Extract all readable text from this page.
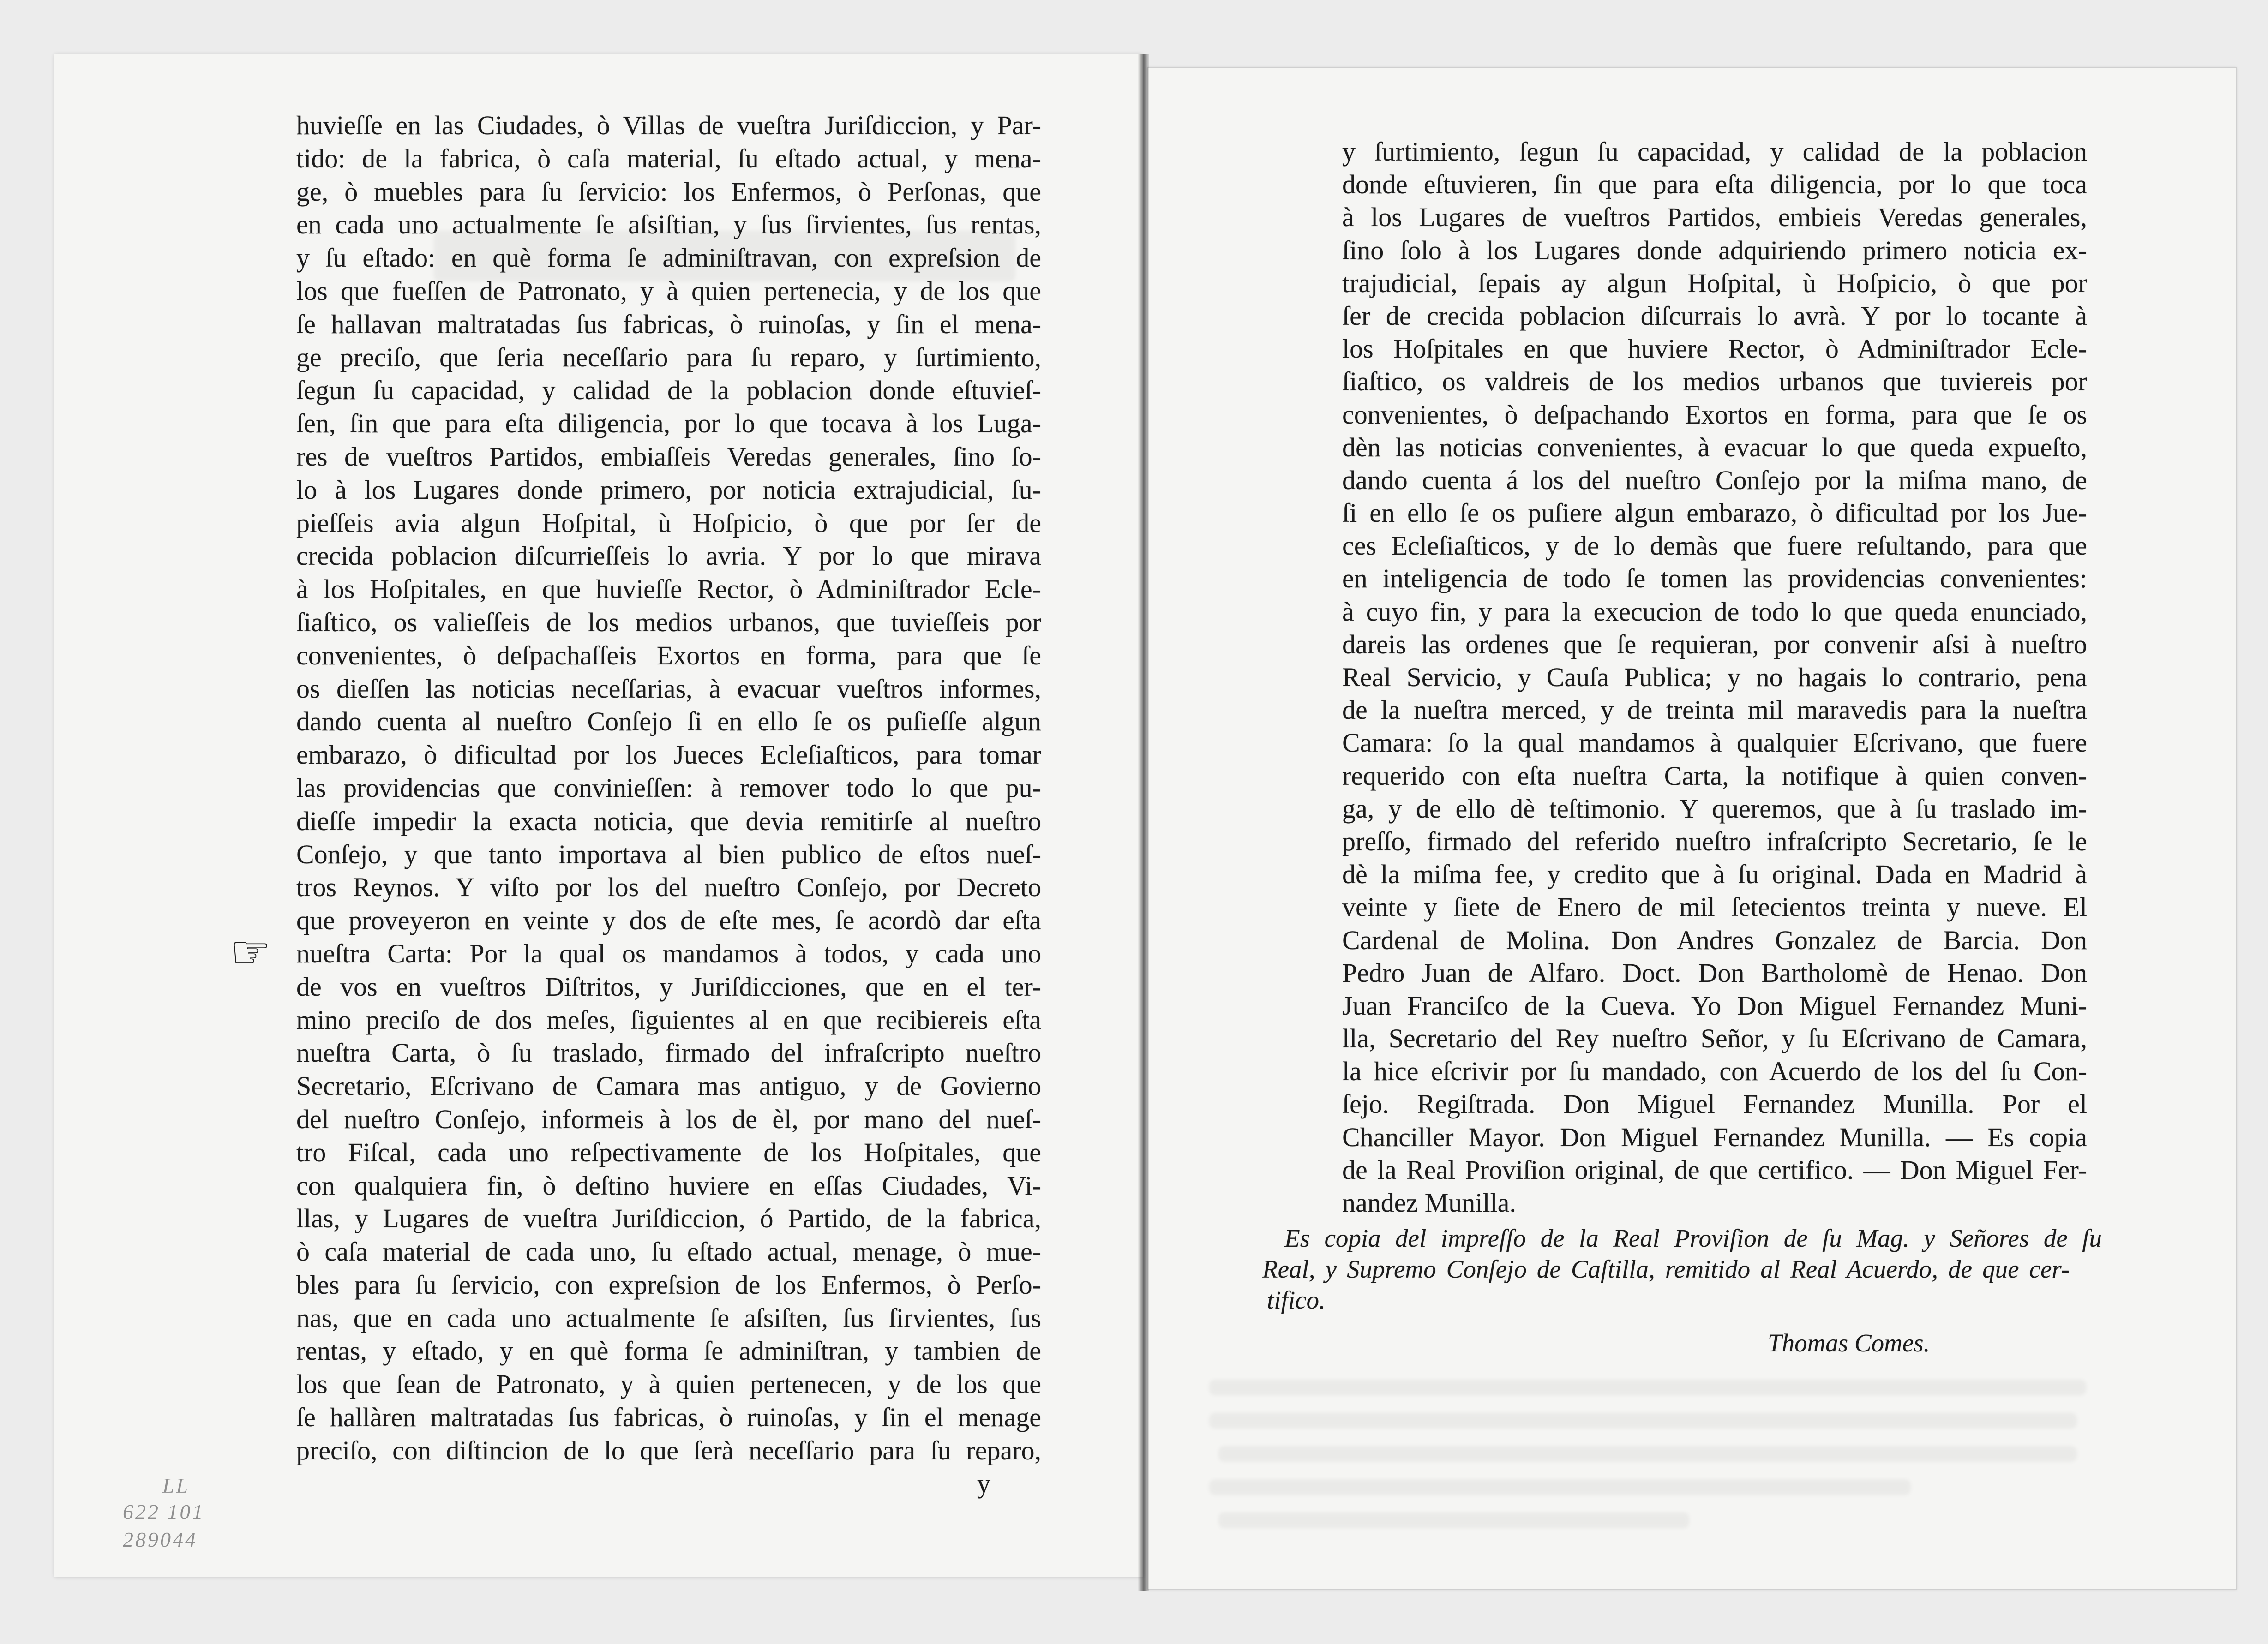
huvieſſe en las Ciudades, ò Villas de vueſtra Juriſdiccion, y Par-
tido: de la fabrica, ò caſa material, ſu eſtado actual, y mena-
ge, ò muebles para ſu ſervicio: los Enfermos, ò Perſonas, que
en cada uno actualmente ſe aſsiſtian, y ſus ſirvientes, ſus rentas,
y ſu eſtado: en què forma ſe adminiſtravan, con expreſsion de
los que fueſſen de Patronato, y à quien pertenecia, y de los que
ſe hallavan maltratadas ſus fabricas, ò ruinoſas, y ſin el mena-
ge preciſo, que ſeria neceſſario para ſu reparo, y ſurtimiento,
ſegun ſu capacidad, y calidad de la poblacion donde eſtuvieſ-
ſen, ſin que para eſta diligencia, por lo que tocava à los Luga-
res de vueſtros Partidos, embiaſſeis Veredas generales, ſino ſo-
lo à los Lugares donde primero, por noticia extrajudicial, ſu-
pieſſeis avia algun Hoſpital, ù Hoſpicio, ò que por ſer de
crecida poblacion diſcurrieſſeis lo avria. Y por lo que mirava
à los Hoſpitales, en que huvieſſe Rector, ò Adminiſtrador Ecle-
ſiaſtico, os valieſſeis de los medios urbanos, que tuvieſſeis por
convenientes, ò deſpachaſſeis Exortos en forma, para que ſe
os dieſſen las noticias neceſſarias, à evacuar vueſtros informes,
dando cuenta al nueſtro Conſejo ſi en ello ſe os puſieſſe algun
embarazo, ò dificultad por los Jueces Ecleſiaſticos, para tomar
las providencias que convinieſſen: à remover todo lo que pu-
dieſſe impedir la exacta noticia, que devia remitirſe al nueſtro
Conſejo, y que tanto importava al bien publico de eſtos nueſ-
tros Reynos. Y viſto por los del nueſtro Conſejo, por Decreto
que proveyeron en veinte y dos de eſte mes, ſe acordò dar eſta
nueſtra Carta: Por la qual os mandamos à todos, y cada uno
de vos en vueſtros Diſtritos, y Juriſdicciones, que en el ter-
mino preciſo de dos meſes, ſiguientes al en que recibiereis eſta
nueſtra Carta, ò ſu traslado, firmado del infraſcripto nueſtro
Secretario, Eſcrivano de Camara mas antiguo, y de Govierno
del nueſtro Conſejo, informeis à los de èl, por mano del nueſ-
tro Fiſcal, cada uno reſpectivamente de los Hoſpitales, que
con qualquiera fin, ò deſtino huviere en eſſas Ciudades, Vi-
llas, y Lugares de vueſtra Juriſdiccion, ó Partido, de la fabrica,
ò caſa material de cada uno, ſu eſtado actual, menage, ò mue-
bles para ſu ſervicio, con expreſsion de los Enfermos, ò Perſo-
nas, que en cada uno actualmente ſe aſsiſten, ſus ſirvientes, ſus
rentas, y eſtado, y en què forma ſe adminiſtran, y tambien de
los que ſean de Patronato, y à quien pertenecen, y de los que
ſe hallàren maltratadas ſus fabricas, ò ruinoſas, y ſin el menage
preciſo, con diſtincion de lo que ſerà neceſſario para ſu reparo,
y
☞
LL
622 101
289044
y ſurtimiento, ſegun ſu capacidad, y calidad de la poblacion
donde eſtuvieren, ſin que para eſta diligencia, por lo que toca
à los Lugares de vueſtros Partidos, embieis Veredas generales,
ſino ſolo à los Lugares donde adquiriendo primero noticia ex-
trajudicial, ſepais ay algun Hoſpital, ù Hoſpicio, ò que por
ſer de crecida poblacion diſcurrais lo avrà. Y por lo tocante à
los Hoſpitales en que huviere Rector, ò Adminiſtrador Ecle-
ſiaſtico, os valdreis de los medios urbanos que tuviereis por
convenientes, ò deſpachando Exortos en forma, para que ſe os
dèn las noticias convenientes, à evacuar lo que queda expueſto,
dando cuenta á los del nueſtro Conſejo por la miſma mano, de
ſi en ello ſe os puſiere algun embarazo, ò dificultad por los Jue-
ces Ecleſiaſticos, y de lo demàs que fuere reſultando, para que
en inteligencia de todo ſe tomen las providencias convenientes:
à cuyo fin, y para la execucion de todo lo que queda enunciado,
dareis las ordenes que ſe requieran, por convenir aſsi à nueſtro
Real Servicio, y Cauſa Publica; y no hagais lo contrario, pena
de la nueſtra merced, y de treinta mil maravedis para la nueſtra
Camara: ſo la qual mandamos à qualquier Eſcrivano, que fuere
requerido con eſta nueſtra Carta, la notifique à quien conven-
ga, y de ello dè teſtimonio. Y queremos, que à ſu traslado im-
preſſo, firmado del referido nueſtro infraſcripto Secretario, ſe le
dè la miſma fee, y credito que à ſu original. Dada en Madrid à
veinte y ſiete de Enero de mil ſetecientos treinta y nueve. El
Cardenal de Molina. Don Andres Gonzalez de Barcia. Don
Pedro Juan de Alfaro. Doct. Don Bartholomè de Henao. Don
Juan Franciſco de la Cueva. Yo Don Miguel Fernandez Muni-
lla, Secretario del Rey nueſtro Señor, y ſu Eſcrivano de Camara,
la hice eſcrivir por ſu mandado, con Acuerdo de los del ſu Con-
ſejo. Regiſtrada. Don Miguel Fernandez Munilla. Por el
Chanciller Mayor. Don Miguel Fernandez Munilla. — Es copia
de la Real Proviſion original, de que certifico. — Don Miguel Fer-
nandez Munilla.
Es copia del impreſſo de la Real Proviſion de ſu Mag. y Señores de ſu
Real, y Supremo Conſejo de Caſtilla, remitido al Real Acuerdo, de que cer-
tifico.
Thomas Comes.
